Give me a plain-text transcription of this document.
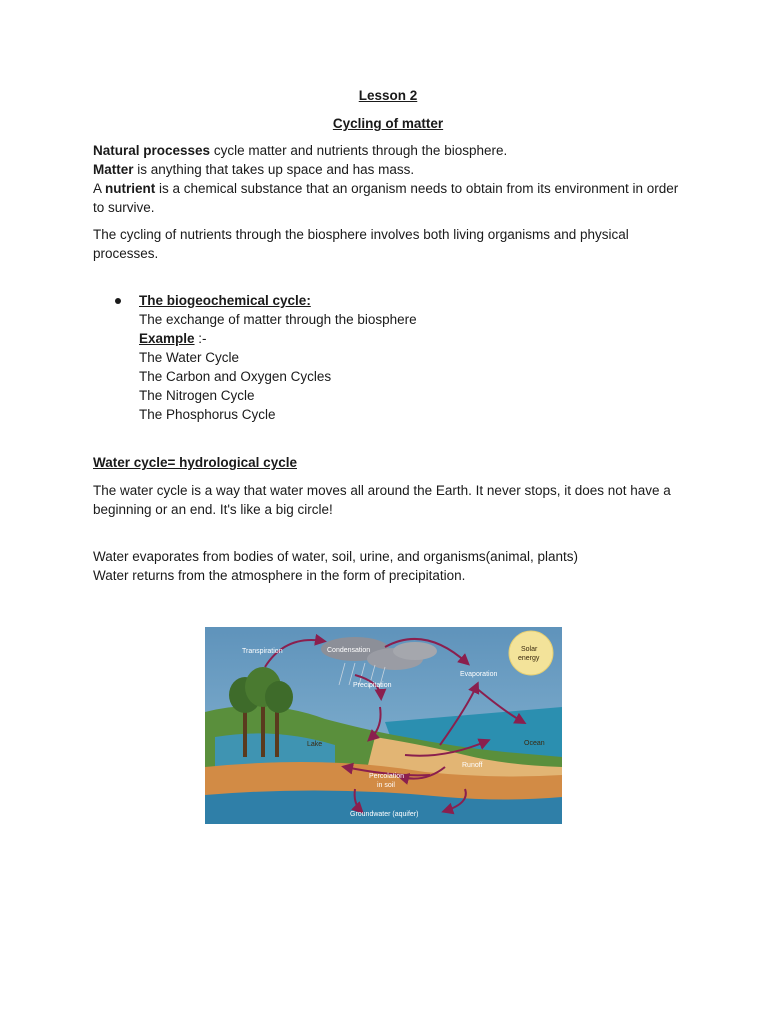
Lesson 2

Cycling of matter

Natural processes cycle matter and nutrients through the biosphere.

Matter is anything that takes up space and has mass.

A nutrient is a chemical substance that an organism needs to obtain from its environment in order to survive.

The cycling of nutrients through the biosphere involves both living organisms and physical processes.

The biogeochemical cycle:

The exchange of matter through the biosphere

Example :-

The Water Cycle

The Carbon and Oxygen Cycles

The Nitrogen Cycle

The Phosphorus Cycle

Water cycle= hydrological cycle

The water cycle is a way that water moves all around the Earth. It never stops, it does not have a beginning or an end. It's like a big circle!

Water evaporates from bodies of water, soil, urine, and organisms(animal, plants)

Water returns from the atmosphere in the form of precipitation.

Transpiration	Condensation
Precipitation
Evaporation
Solar
energy
Lake	Ocean
Runoff
Percolation
in soil
Groundwater (aquifer)
